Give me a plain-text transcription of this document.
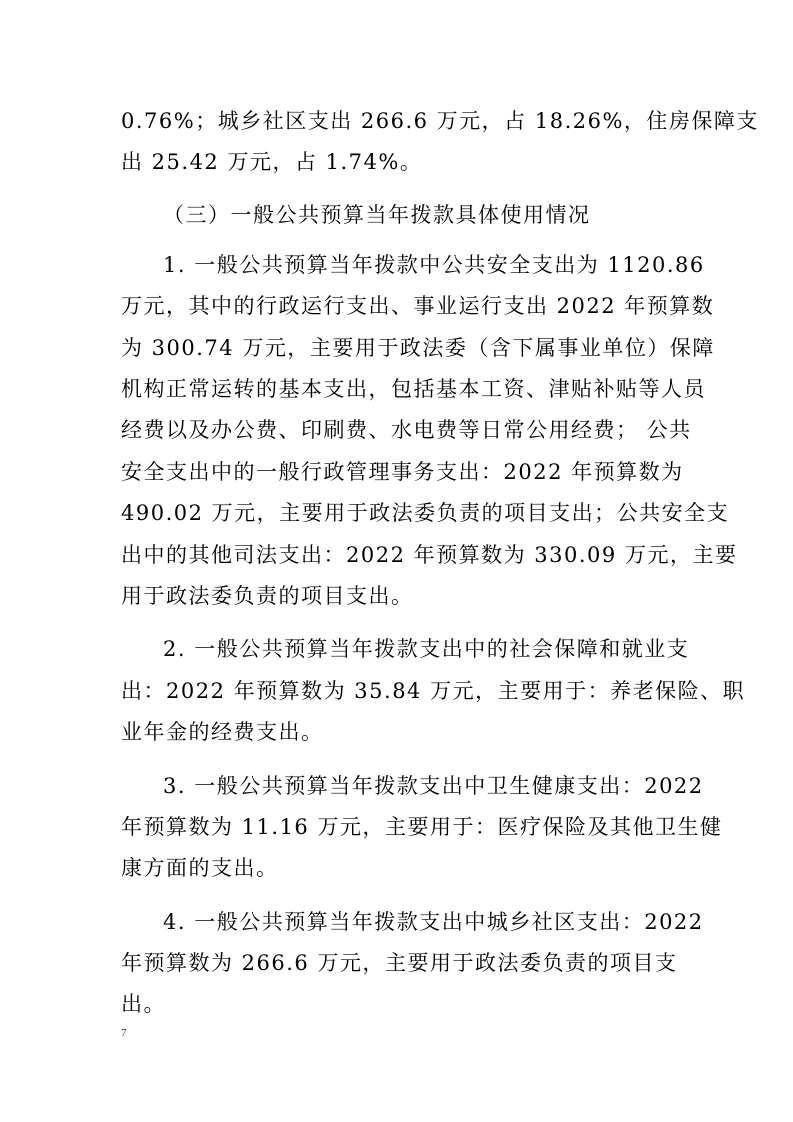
0.76%；城乡社区支出 266.6 万元，占 18.26%，住房保障支
出 25.42 万元，占 1.74%。
（三）一般公共预算当年拨款具体使用情况
1. 一般公共预算当年拨款中公共安全支出为 1120.86
万元，其中的行政运行支出、事业运行支出 2022 年预算数
为 300.74 万元，主要用于政法委（含下属事业单位）保障
机构正常运转的基本支出，包括基本工资、津贴补贴等人员
经费以及办公费、印刷费、水电费等日常公用经费； 公共
安全支出中的一般行政管理事务支出：2022 年预算数为
490.02 万元，主要用于政法委负责的项目支出；公共安全支
出中的其他司法支出：2022 年预算数为 330.09 万元，主要
用于政法委负责的项目支出。
2. 一般公共预算当年拨款支出中的社会保障和就业支
出：2022 年预算数为 35.84 万元，主要用于：养老保险、职
业年金的经费支出。
3. 一般公共预算当年拨款支出中卫生健康支出：2022
年预算数为 11.16 万元，主要用于：医疗保险及其他卫生健
康方面的支出。
4. 一般公共预算当年拨款支出中城乡社区支出：2022
年预算数为 266.6 万元，主要用于政法委负责的项目支
出。
7
